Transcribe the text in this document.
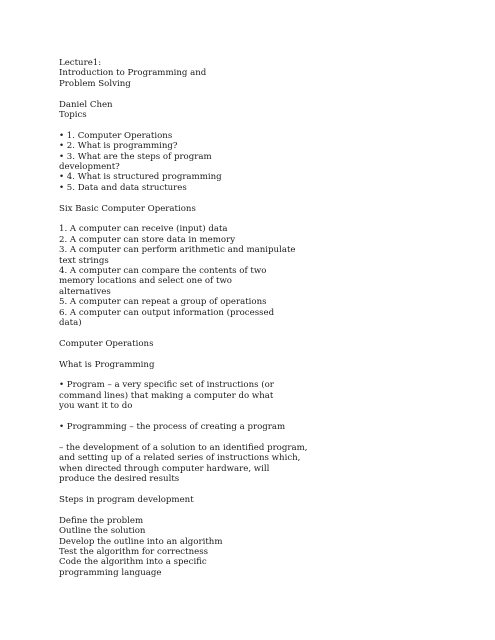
Lecture1:
Introduction to Programming and
Problem Solving
Daniel Chen
Topics
• 1. Computer Operations
• 2. What is programming?
• 3. What are the steps of program
development?
• 4. What is structured programming
• 5. Data and data structures
Six Basic Computer Operations
1. A computer can receive (input) data
2. A computer can store data in memory
3. A computer can perform arithmetic and manipulate
text strings
4. A computer can compare the contents of two
memory locations and select one of two
alternatives
5. A computer can repeat a group of operations
6. A computer can output information (processed
data)
Computer Operations
What is Programming
• Program – a very specific set of instructions (or
command lines) that making a computer do what
you want it to do
• Programming – the process of creating a program
– the development of a solution to an identified program,
and setting up of a related series of instructions which,
when directed through computer hardware, will
produce the desired results
Steps in program development
Define the problem
Outline the solution
Develop the outline into an algorithm
Test the algorithm for correctness
Code the algorithm into a specific
programming language
